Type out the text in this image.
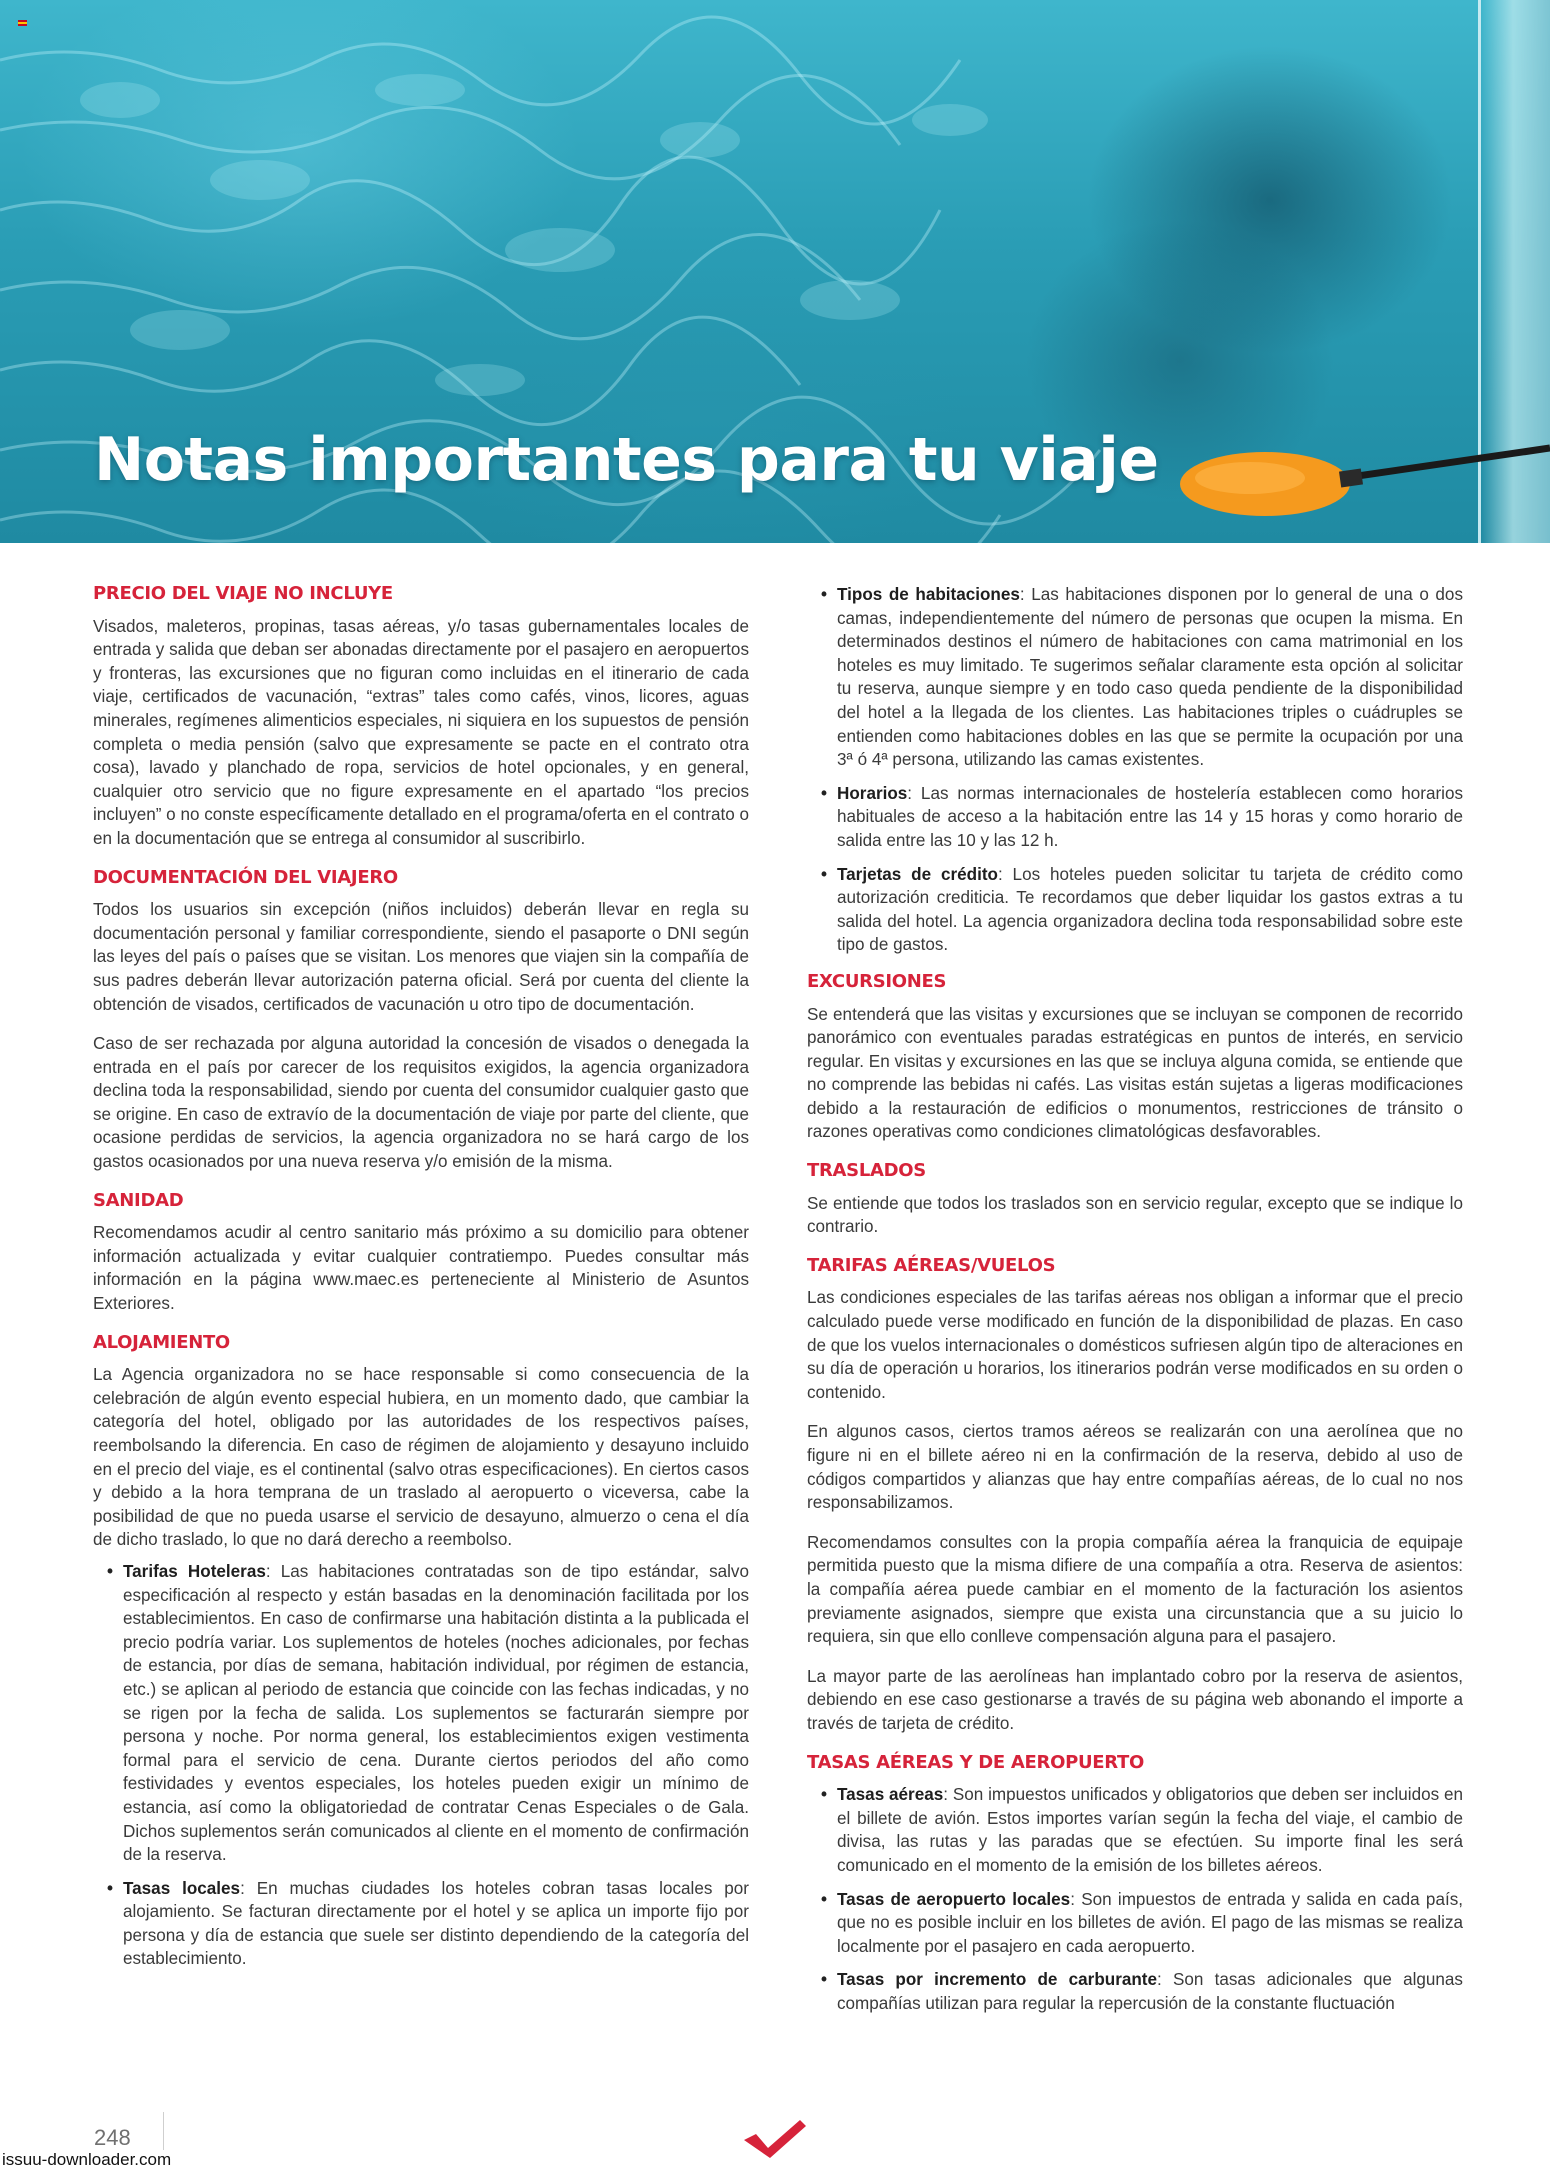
Notas importantes para tu viaje
PRECIO DEL VIAJE NO INCLUYE

Visados, maleteros, propinas, tasas aéreas, y/o tasas gubernamentales locales de entrada y salida que deban ser abonadas directamente por el pasajero en aeropuertos y fronteras, las excursiones que no figuran como incluidas en el itinerario de cada viaje, certificados de vacunación, “extras” tales como cafés, vinos, licores, aguas minerales, regímenes alimenticios especiales, ni siquiera en los supuestos de pensión completa o media pensión (salvo que expresamente se pacte en el contrato otra cosa), lavado y planchado de ropa, servicios de hotel opcionales, y en general, cualquier otro servicio que no figure expresamente en el apartado “los precios incluyen” o no conste específicamente detallado en el programa/oferta en el contrato o en la documentación que se entrega al consumidor al suscribirlo.

DOCUMENTACIÓN DEL VIAJERO

Todos los usuarios sin excepción (niños incluidos) deberán llevar en regla su documentación personal y familiar correspondiente, siendo el pasaporte o DNI según las leyes del país o países que se visitan. Los menores que viajen sin la compañía de sus padres deberán llevar autorización paterna oficial. Será por cuenta del cliente la obtención de visados, certificados de vacunación u otro tipo de documentación.

Caso de ser rechazada por alguna autoridad la concesión de visados o denegada la entrada en el país por carecer de los requisitos exigidos, la agencia organizadora declina toda la responsabilidad, siendo por cuenta del consumidor cualquier gasto que se origine. En caso de extravío de la documentación de viaje por parte del cliente, que ocasione perdidas de servicios, la agencia organizadora no se hará cargo de los gastos ocasionados por una nueva reserva y/o emisión de la misma.

SANIDAD

Recomendamos acudir al centro sanitario más próximo a su domicilio para obtener información actualizada y evitar cualquier contratiempo. Puedes consultar más información en la página www.maec.es perteneciente al Ministerio de Asuntos Exteriores.

ALOJAMIENTO

La Agencia organizadora no se hace responsable si como consecuencia de la celebración de algún evento especial hubiera, en un momento dado, que cambiar la categoría del hotel, obligado por las autoridades de los respectivos países, reembolsando la diferencia. En caso de régimen de alojamiento y desayuno incluido en el precio del viaje, es el continental (salvo otras especificaciones). En ciertos casos y debido a la hora temprana de un traslado al aeropuerto o viceversa, cabe la posibilidad de que no pueda usarse el servicio de desayuno, almuerzo o cena el día de dicho traslado, lo que no dará derecho a reembolso.

• Tarifas Hoteleras: Las habitaciones contratadas son de tipo estándar, salvo especificación al respecto y están basadas en la denominación facilitada por los establecimientos. En caso de confirmarse una habitación distinta a la publicada el precio podría variar. Los suplementos de hoteles (noches adicionales, por fechas de estancia, por días de semana, habitación individual, por régimen de estancia, etc.) se aplican al periodo de estancia que coincide con las fechas indicadas, y no se rigen por la fecha de salida. Los suplementos se facturarán siempre por persona y noche. Por norma general, los establecimientos exigen vestimenta formal para el servicio de cena. Durante ciertos periodos del año como festividades y eventos especiales, los hoteles pueden exigir un mínimo de estancia, así como la obligatoriedad de contratar Cenas Especiales o de Gala. Dichos suplementos serán comunicados al cliente en el momento de confirmación de la reserva.
• Tasas locales: En muchas ciudades los hoteles cobran tasas locales por alojamiento. Se facturan directamente por el hotel y se aplica un importe fijo por persona y día de estancia que suele ser distinto dependiendo de la categoría del establecimiento.
• Tipos de habitaciones: Las habitaciones disponen por lo general de una o dos camas, independientemente del número de personas que ocupen la misma. En determinados destinos el número de habitaciones con cama matrimonial en los hoteles es muy limitado. Te sugerimos señalar claramente esta opción al solicitar tu reserva, aunque siempre y en todo caso queda pendiente de la disponibilidad del hotel a la llegada de los clientes. Las habitaciones triples o cuádruples se entienden como habitaciones dobles en las que se permite la ocupación por una 3ª ó 4ª persona, utilizando las camas existentes.
• Horarios: Las normas internacionales de hostelería establecen como horarios habituales de acceso a la habitación entre las 14 y 15 horas y como horario de salida entre las 10 y las 12 h.
• Tarjetas de crédito: Los hoteles pueden solicitar tu tarjeta de crédito como autorización crediticia. Te recordamos que deber liquidar los gastos extras a tu salida del hotel. La agencia organizadora declina toda responsabilidad sobre este tipo de gastos.
EXCURSIONES

Se entenderá que las visitas y excursiones que se incluyan se componen de recorrido panorámico con eventuales paradas estratégicas en puntos de interés, en servicio regular. En visitas y excursiones en las que se incluya alguna comida, se entiende que no comprende las bebidas ni cafés. Las visitas están sujetas a ligeras modificaciones debido a la restauración de edificios o monumentos, restricciones de tránsito o razones operativas como condiciones climatológicas desfavorables.

TRASLADOS

Se entiende que todos los traslados son en servicio regular, excepto que se indique lo contrario.

TARIFAS AÉREAS/VUELOS

Las condiciones especiales de las tarifas aéreas nos obligan a informar que el precio calculado puede verse modificado en función de la disponibilidad de plazas. En caso de que los vuelos internacionales o domésticos sufriesen algún tipo de alteraciones en su día de operación u horarios, los itinerarios podrán verse modificados en su orden o contenido.

En algunos casos, ciertos tramos aéreos se realizarán con una aerolínea que no figure ni en el billete aéreo ni en la confirmación de la reserva, debido al uso de códigos compartidos y alianzas que hay entre compañías aéreas, de lo cual no nos responsabilizamos.

Recomendamos consultes con la propia compañía aérea la franquicia de equipaje permitida puesto que la misma difiere de una compañía a otra. Reserva de asientos: la compañía aérea puede cambiar en el momento de la facturación los asientos previamente asignados, siempre que exista una circunstancia que a su juicio lo requiera, sin que ello conlleve compensación alguna para el pasajero.

La mayor parte de las aerolíneas han implantado cobro por la reserva de asientos, debiendo en ese caso gestionarse a través de su página web abonando el importe a través de tarjeta de crédito.

TASAS AÉREAS Y DE AEROPUERTO
• Tasas aéreas: Son impuestos unificados y obligatorios que deben ser incluidos en el billete de avión. Estos importes varían según la fecha del viaje, el cambio de divisa, las rutas y las paradas que se efectúen. Su importe final les será comunicado en el momento de la emisión de los billetes aéreos.
• Tasas de aeropuerto locales: Son impuestos de entrada y salida en cada país, que no es posible incluir en los billetes de avión. El pago de las mismas se realiza localmente por el pasajero en cada aeropuerto.
• Tasas por incremento de carburante: Son tasas adicionales que algunas compañías utilizan para regular la repercusión de la constante fluctuación
248
issuu-downloader.com
